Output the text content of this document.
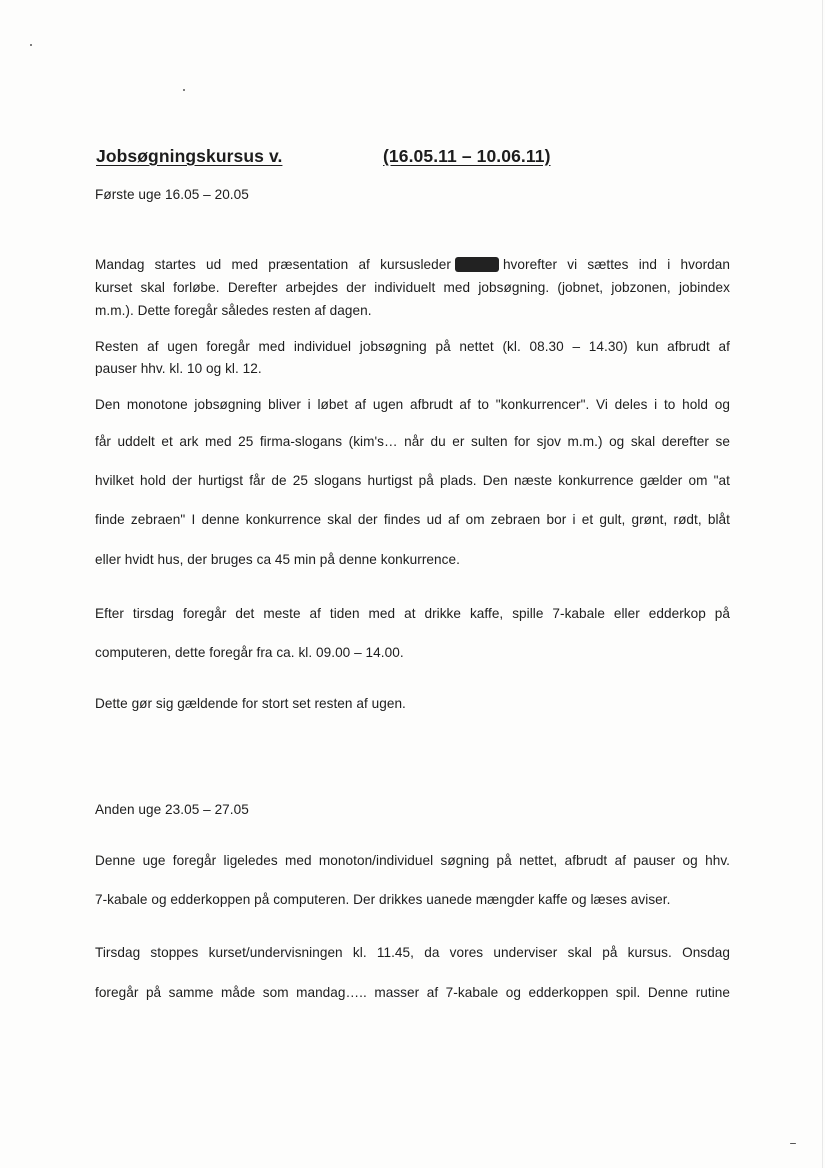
Jobsøgningskursus v.	(16.05.11 – 10.06.11)
Første uge 16.05 – 20.05
Mandag startes ud med præsentation af kursusleder	hvorefter vi sættes ind i hvordan
kurset skal forløbe. Derefter arbejdes der individuelt med jobsøgning. (jobnet, jobzonen, jobindex
m.m.). Dette foregår således resten af dagen.
Resten af ugen foregår med individuel jobsøgning på nettet (kl. 08.30 – 14.30) kun afbrudt af
pauser hhv. kl. 10 og kl. 12.
Den monotone jobsøgning bliver i løbet af ugen afbrudt af to "konkurrencer". Vi deles i to hold og
får uddelt et ark med 25 firma-slogans (kim's… når du er sulten for sjov m.m.) og skal derefter se
hvilket hold der hurtigst får de 25 slogans hurtigst på plads. Den næste konkurrence gælder om "at
finde zebraen" I denne konkurrence skal der findes ud af om zebraen bor i et gult, grønt, rødt, blåt
eller hvidt hus, der bruges ca 45 min på denne konkurrence.
Efter tirsdag foregår det meste af tiden med at drikke kaffe, spille 7-kabale eller edderkop på
computeren, dette foregår fra ca. kl. 09.00 – 14.00.
Dette gør sig gældende for stort set resten af ugen.
Anden uge 23.05 – 27.05
Denne uge foregår ligeledes med monoton/individuel søgning på nettet, afbrudt af pauser og hhv.
7-kabale og edderkoppen på computeren. Der drikkes uanede mængder kaffe og læses aviser.
Tirsdag stoppes kurset/undervisningen kl. 11.45, da vores underviser skal på kursus. Onsdag
foregår på samme måde som mandag….. masser af 7-kabale og edderkoppen spil. Denne rutine
